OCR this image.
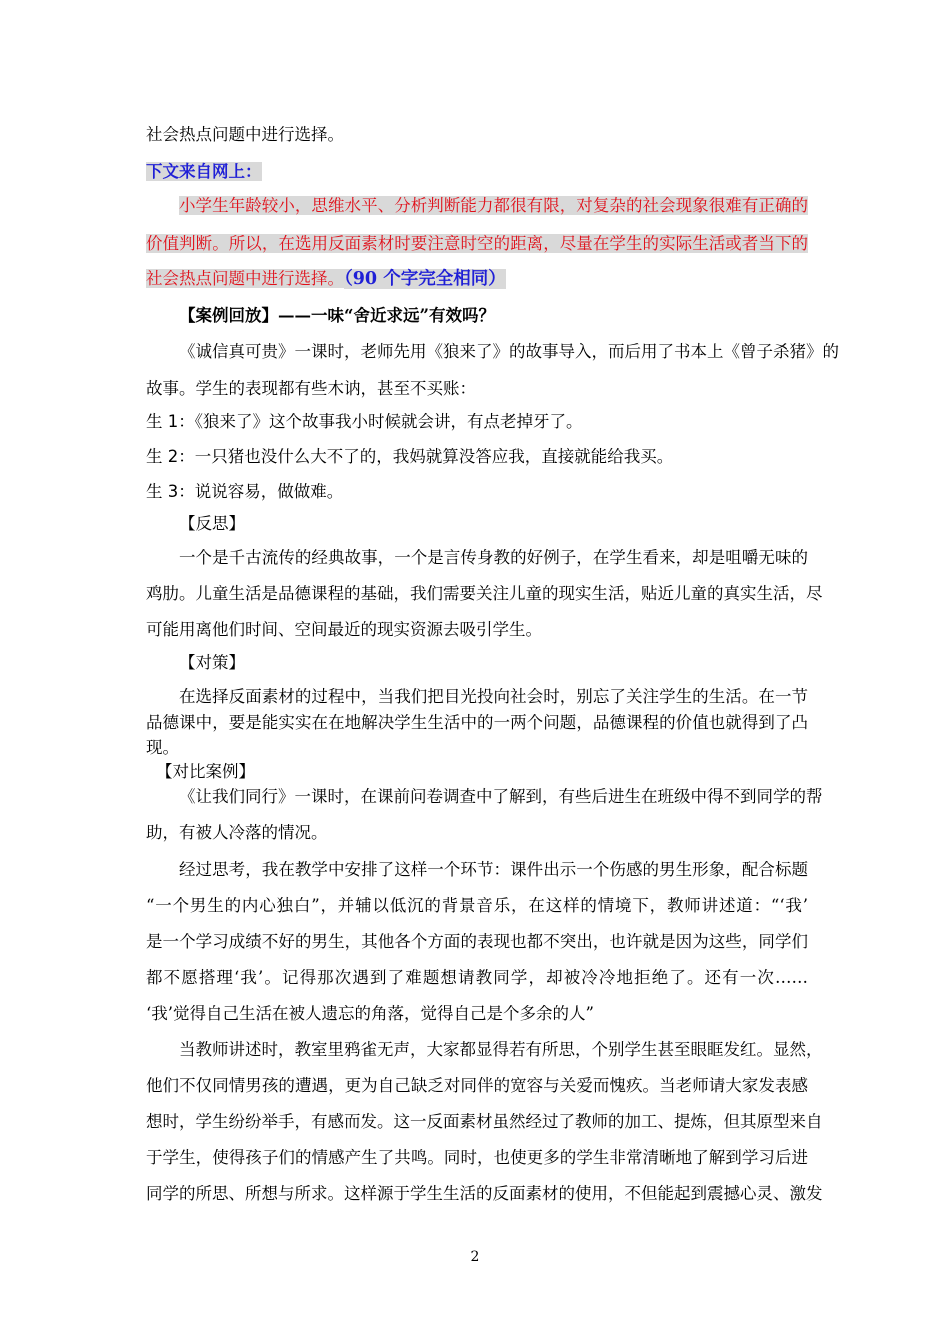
社会热点问题中进行选择。
下文来自网上：
小学生年龄较小，思维水平、分析判断能力都很有限，对复杂的社会现象很难有正确的
价值判断。所以，在选用反面素材时要注意时空的距离，尽量在学生的实际生活或者当下的
社会热点问题中进行选择。（90 个字完全相同）
【案例回放】——一味“舍近求远”有效吗？
《诚信真可贵》一课时，老师先用《狼来了》的故事导入，而后用了书本上《曾子杀猪》的
故事。学生的表现都有些木讷，甚至不买账：
生 1：《狼来了》这个故事我小时候就会讲，有点老掉牙了。
生 2：一只猪也没什么大不了的，我妈就算没答应我，直接就能给我买。
生 3：说说容易，做做难。
【反思】
一个是千古流传的经典故事，一个是言传身教的好例子，在学生看来，却是咀嚼无味的
鸡肋。儿童生活是品德课程的基础，我们需要关注儿童的现实生活，贴近儿童的真实生活，尽
可能用离他们时间、空间最近的现实资源去吸引学生。
【对策】
在选择反面素材的过程中，当我们把目光投向社会时，别忘了关注学生的生活。在一节
品德课中，要是能实实在在地解决学生生活中的一两个问题，品德课程的价值也就得到了凸
现。
【对比案例】
《让我们同行》一课时，在课前问卷调查中了解到，有些后进生在班级中得不到同学的帮
助，有被人冷落的情况。
经过思考，我在教学中安排了这样一个环节：课件出示一个伤感的男生形象，配合标题
“一个男生的内心独白”，并辅以低沉的背景音乐，在这样的情境下，教师讲述道：“‘我’
是一个学习成绩不好的男生，其他各个方面的表现也都不突出，也许就是因为这些，同学们
都不愿搭理‘我’。记得那次遇到了难题想请教同学，却被冷冷地拒绝了。还有一次……
‘我’觉得自己生活在被人遗忘的角落，觉得自己是个多余的人”
当教师讲述时，教室里鸦雀无声，大家都显得若有所思，个别学生甚至眼眶发红。显然，
他们不仅同情男孩的遭遇，更为自己缺乏对同伴的宽容与关爱而愧疚。当老师请大家发表感
想时，学生纷纷举手，有感而发。这一反面素材虽然经过了教师的加工、提炼，但其原型来自
于学生，使得孩子们的情感产生了共鸣。同时，也使更多的学生非常清晰地了解到学习后进
同学的所思、所想与所求。这样源于学生生活的反面素材的使用，不但能起到震撼心灵、激发
2
